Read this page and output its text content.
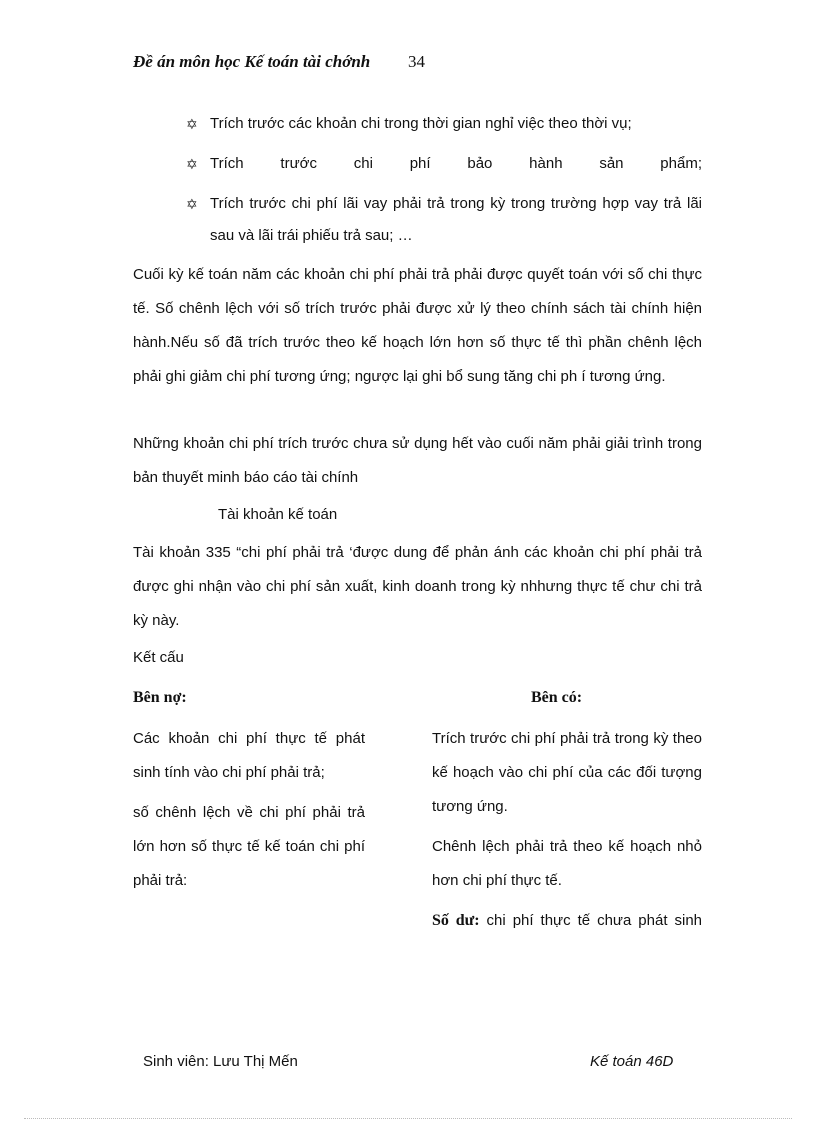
Đề án môn học Kế toán tài chớnh 34
✡ Trích trước các khoản chi trong thời gian nghỉ việc theo thời vụ;
✡ Trích trước chi phí bảo hành sản phẩm;
✡ Trích trước chi phí lãi vay phải trả trong kỳ trong trường hợp vay trả lãi sau và lãi trái phiếu trả sau; …
Cuối kỳ kế toán năm các khoản chi phí phải trả phải được quyết toán với số chi thực tế. Số chênh lệch với số trích trước phải được xử lý theo chính sách tài chính hiện hành.Nếu số đã trích trước theo kế hoạch lớn hơn số thực tế thì phần chênh lệch phải ghi giảm chi phí tương ứng; ngược lại ghi bổ sung tăng chi ph í tương ứng.
Những khoản chi phí trích trước chưa sử dụng hết vào cuối năm phải giải trình trong bản thuyết minh báo cáo tài chính
Tài khoản kế toán
Tài khoản 335 “chi phí phải trả ‘được dung để phản ánh các khoản chi phí phải trả được ghi nhận vào chi phí sản xuất, kinh doanh trong kỳ nhhưng thực tế chư chi trả kỳ này.
Kết cấu
Bên nợ:	Bên có:

Các khoản chi phí thực tế phát sinh tính vào chi phí phải trả;

số chênh lệch về chi phí phải trả lớn hơn số thực tế kế toán chi phí phải trả:

Trích trước chi phí phải trả trong kỳ theo kế hoạch vào chi phí của các đối tượng tương ứng.

Chênh lệch phải trả theo kế hoạch nhỏ hơn chi phí thực tế.

Số dư: chi phí thực tế chưa phát sinh

Sinh viên: Lưu Thị Mến	Kế toán 46D
